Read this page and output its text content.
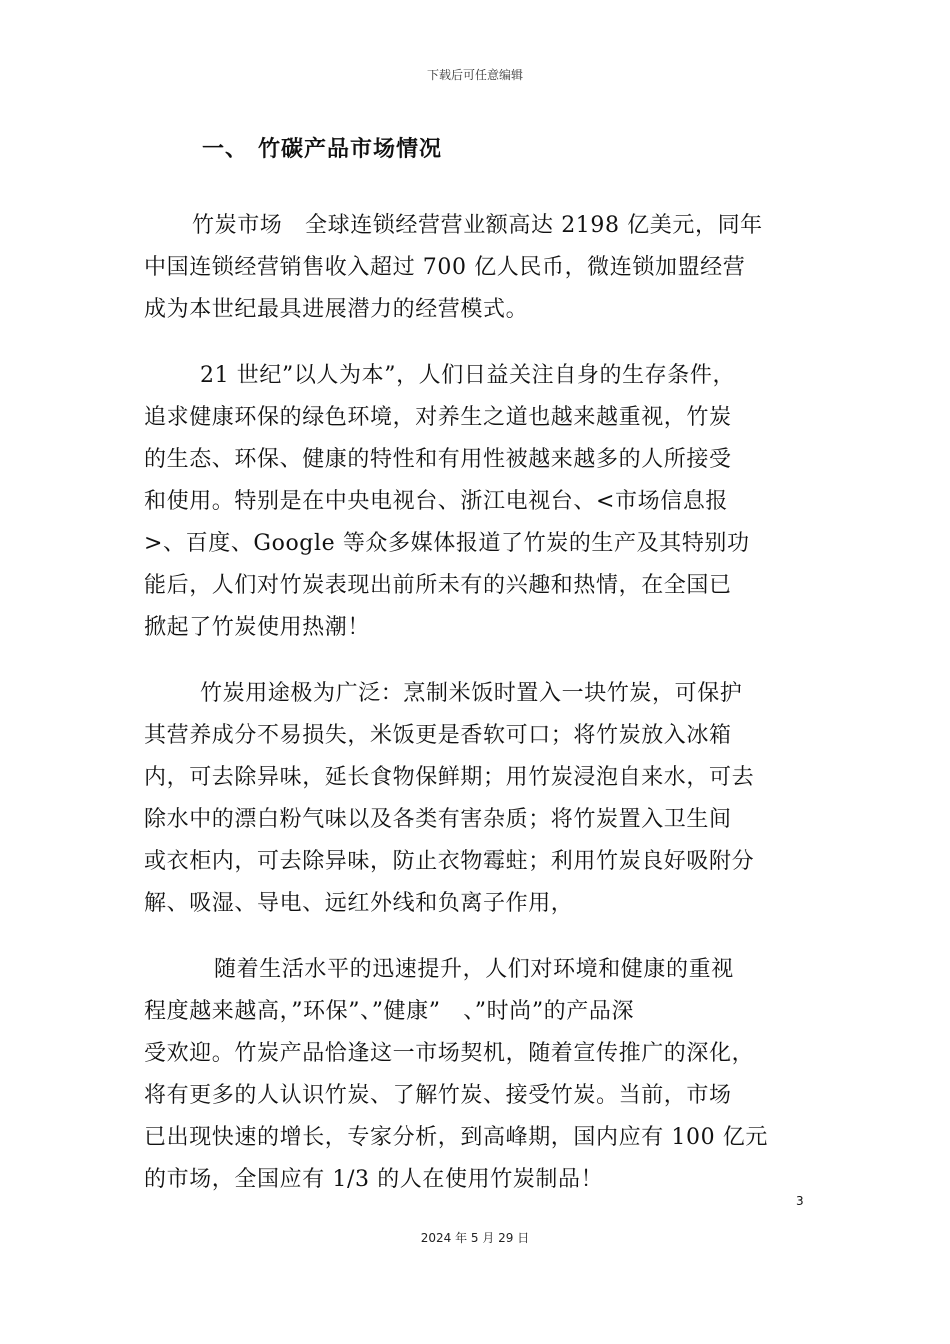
下载后可任意编辑
一、 竹碳产品市场情况
竹炭市场　全球连锁经营营业额高达 2198 亿美元，同年
中国连锁经营销售收入超过 700 亿人民币，微连锁加盟经营
成为本世纪最具进展潜力的经营模式。
21 世纪”以人为本”，人们日益关注自身的生存条件，
追求健康环保的绿色环境，对养生之道也越来越重视，竹炭
的生态、环保、健康的特性和有用性被越来越多的人所接受
和使用。特别是在中央电视台、浙江电视台、<市场信息报
>、百度、Google 等众多媒体报道了竹炭的生产及其特别功
能后，人们对竹炭表现出前所未有的兴趣和热情，在全国已
掀起了竹炭使用热潮！
竹炭用途极为广泛：烹制米饭时置入一块竹炭，可保护
其营养成分不易损失，米饭更是香软可口；将竹炭放入冰箱
内，可去除异味，延长食物保鲜期；用竹炭浸泡自来水，可去
除水中的漂白粉气味以及各类有害杂质；将竹炭置入卫生间
或衣柜内，可去除异味，防止衣物霉蛀；利用竹炭良好吸附分
解、吸湿、导电、远红外线和负离子作用，
随着生活水平的迅速提升，人们对环境和健康的重视
程度越来越高，”环保”、”健康”　、”时尚”的产品深
受欢迎。竹炭产品恰逢这一市场契机，随着宣传推广的深化，
将有更多的人认识竹炭、了解竹炭、接受竹炭。当前，市场
已出现快速的增长，专家分析，到高峰期，国内应有 100 亿元
的市场，全国应有 1/3 的人在使用竹炭制品！
3
2024 年 5 月 29 日
